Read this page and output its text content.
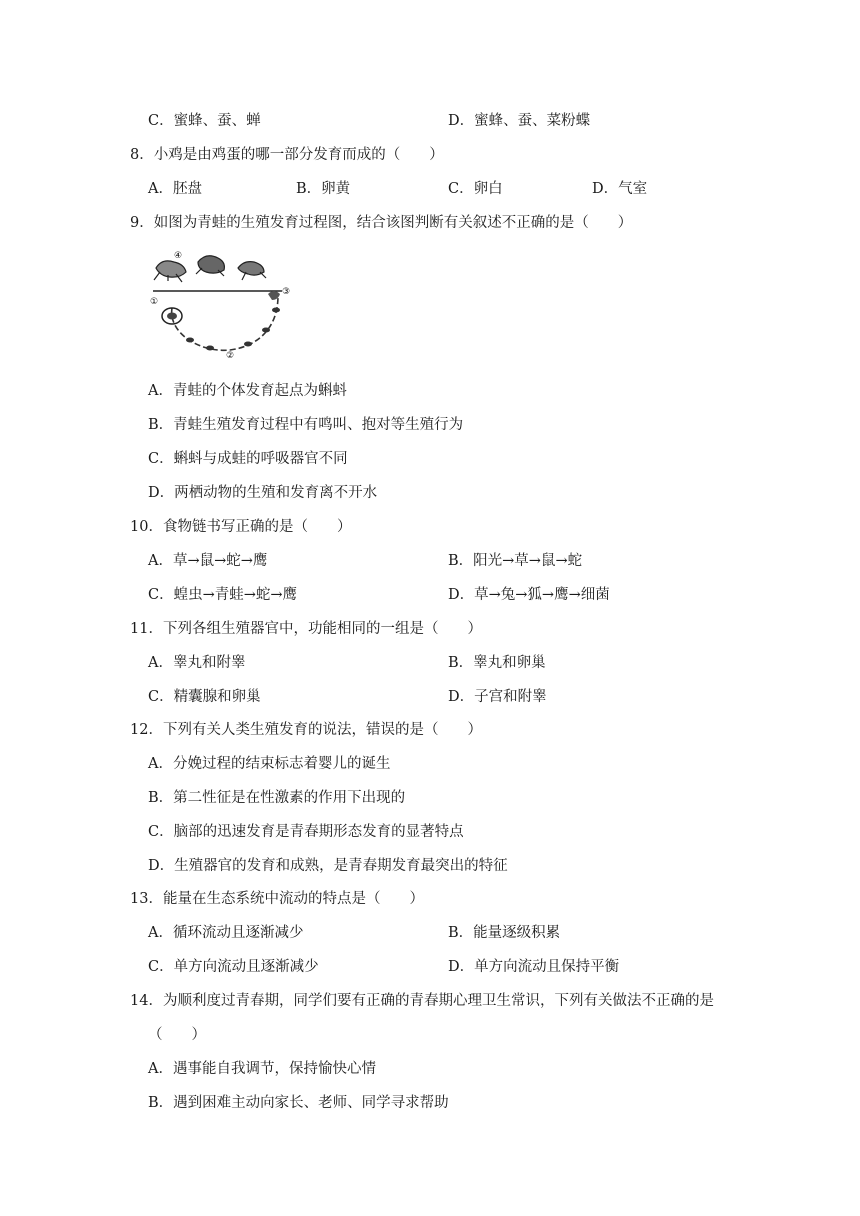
C．蜜蜂、蚕、蝉	D．蜜蜂、蚕、菜粉蝶
8．小鸡是由鸡蛋的哪一部分发育而成的（　　）
A．胚盘	B．卵黄	C．卵白	D．气室
9．如图为青蛙的生殖发育过程图，结合该图判断有关叙述不正确的是（　　）
①
②
③
④
A．青蛙的个体发育起点为蝌蚪
B．青蛙生殖发育过程中有鸣叫、抱对等生殖行为
C．蝌蚪与成蛙的呼吸器官不同
D．两栖动物的生殖和发育离不开水
10．食物链书写正确的是（　　）
A．草→鼠→蛇→鹰	B．阳光→草→鼠→蛇
C．蝗虫→青蛙→蛇→鹰	D．草→兔→狐→鹰→细菌
11．下列各组生殖器官中，功能相同的一组是（　　）
A．睾丸和附睾	B．睾丸和卵巢
C．精囊腺和卵巢	D．子宫和附睾
12．下列有关人类生殖发育的说法，错误的是（　　）
A．分娩过程的结束标志着婴儿的诞生
B．第二性征是在性激素的作用下出现的
C．脑部的迅速发育是青春期形态发育的显著特点
D．生殖器官的发育和成熟，是青春期发育最突出的特征
13．能量在生态系统中流动的特点是（　　）
A．循环流动且逐渐减少	B．能量逐级积累
C．单方向流动且逐渐减少	D．单方向流动且保持平衡
14．为顺利度过青春期，同学们要有正确的青春期心理卫生常识，下列有关做法不正确的是
（　　）
A．遇事能自我调节，保持愉快心情
B．遇到困难主动向家长、老师、同学寻求帮助
